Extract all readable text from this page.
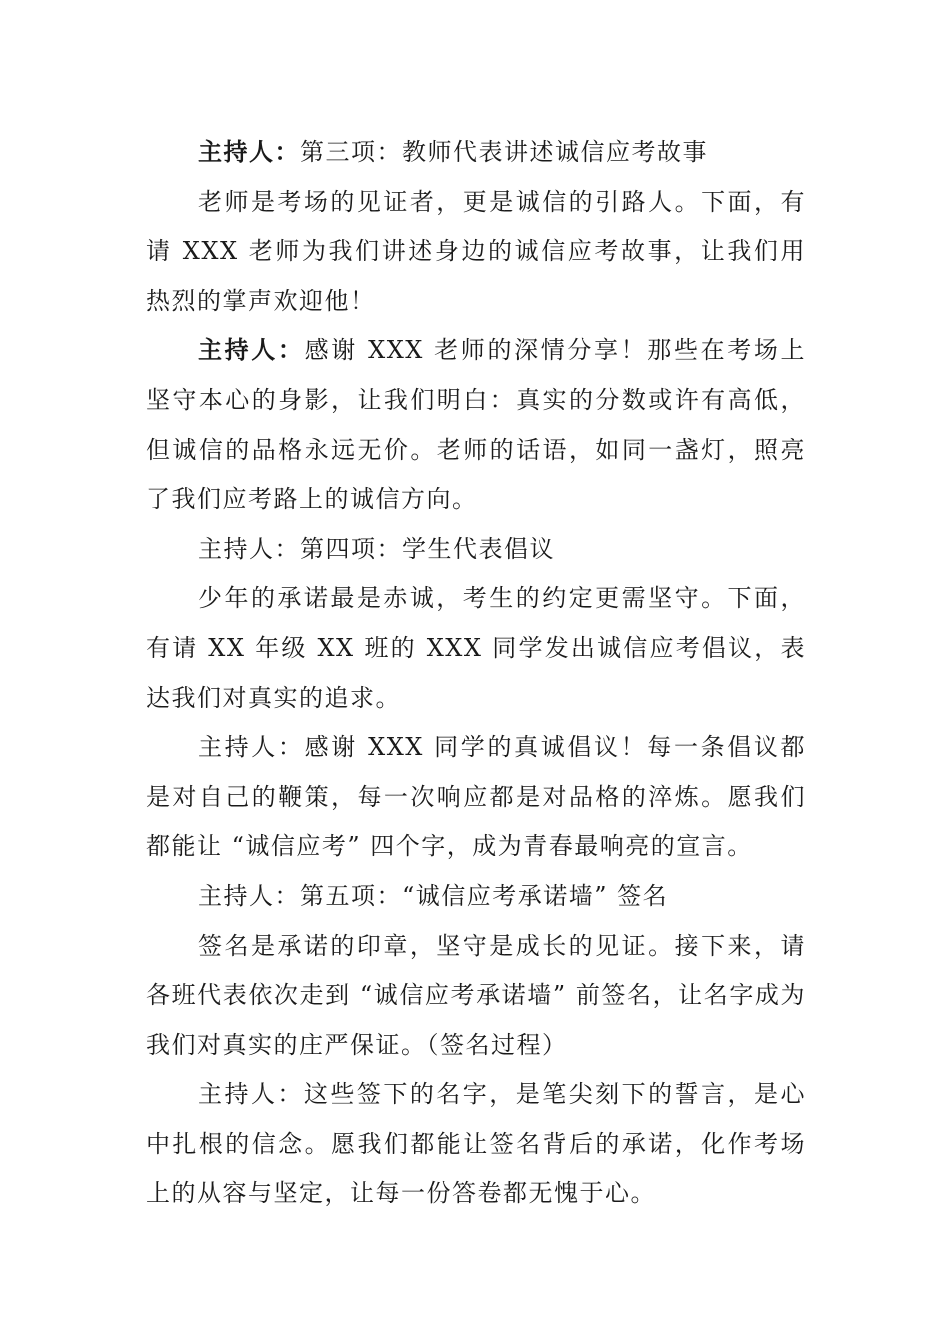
主持人：第三项：教师代表讲述诚信应考故事

老师是考场的见证者，更是诚信的引路人。下面，有请 XXX 老师为我们讲述身边的诚信应考故事，让我们用热烈的掌声欢迎他！

主持人：感谢 XXX 老师的深情分享！那些在考场上坚守本心的身影，让我们明白：真实的分数或许有高低，但诚信的品格永远无价。老师的话语，如同一盏灯，照亮了我们应考路上的诚信方向。

主持人：第四项：学生代表倡议

少年的承诺最是赤诚，考生的约定更需坚守。下面，有请 XX 年级 XX 班的 XXX 同学发出诚信应考倡议，表达我们对真实的追求。

主持人：感谢 XXX 同学的真诚倡议！每一条倡议都是对自己的鞭策，每一次响应都是对品格的淬炼。愿我们都能让 “诚信应考” 四个字，成为青春最响亮的宣言。

主持人：第五项：“诚信应考承诺墙” 签名

签名是承诺的印章，坚守是成长的见证。接下来，请各班代表依次走到 “诚信应考承诺墙” 前签名，让名字成为我们对真实的庄严保证。（签名过程）

主持人：这些签下的名字，是笔尖刻下的誓言，是心中扎根的信念。愿我们都能让签名背后的承诺，化作考场上的从容与坚定，让每一份答卷都无愧于心。
